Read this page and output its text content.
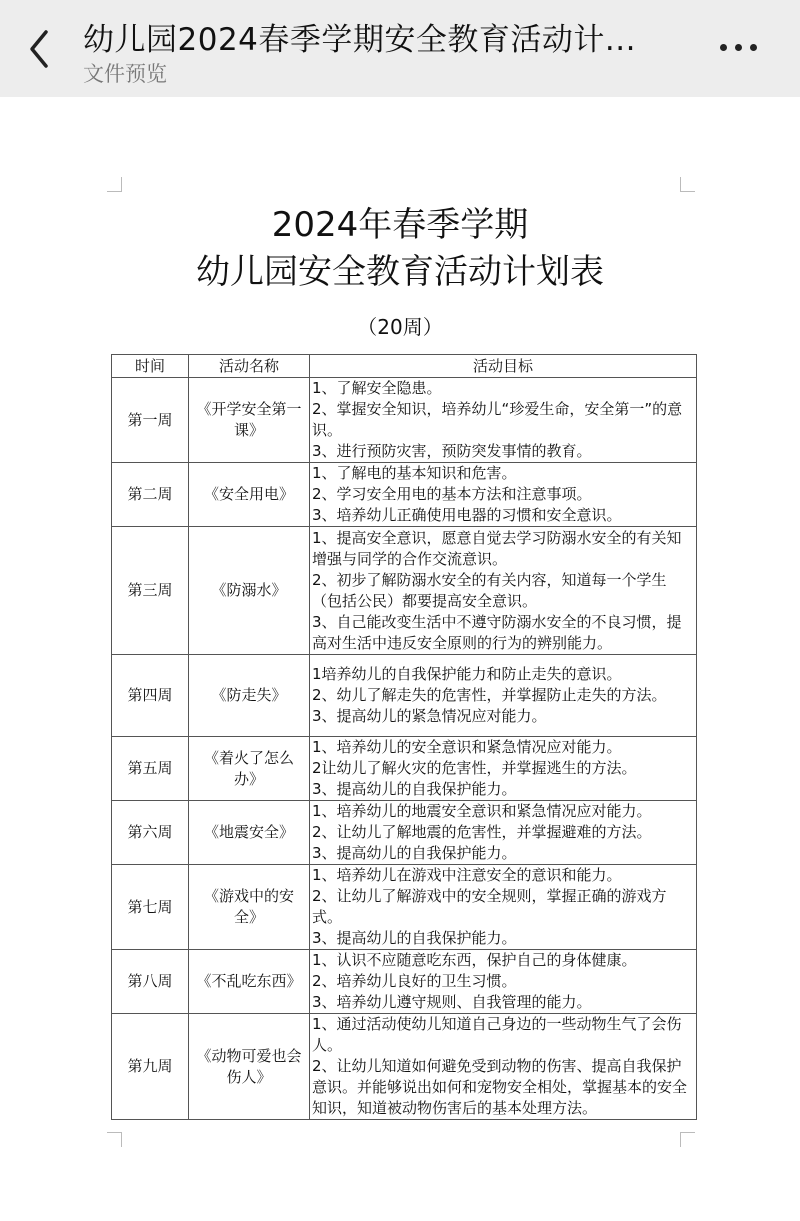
幼儿园2024春季学期安全教育活动计...
文件预览
2024年春季学期
幼儿园安全教育活动计划表
（20周）
时间	活动名称	活动目标
第一周	《开学安全第一课》	1、了解安全隐患。
2、掌握安全知识，培养幼儿“珍爱生命，安全第一”的意识。
3、进行预防灾害，预防突发事情的教育。

第二周	《安全用电》	1、了解电的基本知识和危害。
2、学习安全用电的基本方法和注意事项。
3、培养幼儿正确使用电器的习惯和安全意识。

第三周	《防溺水》	1、提高安全意识，愿意自觉去学习防溺水安全的有关知增强与同学的合作交流意识。
2、初步了解防溺水安全的有关内容，知道每一个学生（包括公民）都要提高安全意识。
3、自己能改变生活中不遵守防溺水安全的不良习惯，提高对生活中违反安全原则的行为的辨别能力。

第四周	《防走失》	1培养幼儿的自我保护能力和防止走失的意识。
2、幼儿了解走失的危害性，并掌握防止走失的方法。
3、提高幼儿的紧急情况应对能力。

第五周	《着火了怎么办》	1、培养幼儿的安全意识和紧急情况应对能力。
2让幼儿了解火灾的危害性，并掌握逃生的方法。
3、提高幼儿的自我保护能力。

第六周	《地震安全》	1、培养幼儿的地震安全意识和紧急情况应对能力。
2、让幼儿了解地震的危害性，并掌握避难的方法。
3、提高幼儿的自我保护能力。

第七周	《游戏中的安全》	1、培养幼儿在游戏中注意安全的意识和能力。
2、让幼儿了解游戏中的安全规则，掌握正确的游戏方式。
3、提高幼儿的自我保护能力。

第八周	《不乱吃东西》	1、认识不应随意吃东西，保护自己的身体健康。
2、培养幼儿良好的卫生习惯。
3、培养幼儿遵守规则、自我管理的能力。

第九周	《动物可爱也会伤人》	1、通过活动使幼儿知道自己身边的一些动物生气了会伤人。
2、让幼儿知道如何避免受到动物的伤害、提高自我保护意识。并能够说出如何和宠物安全相处，掌握基本的安全知识，知道被动物伤害后的基本处理方法。
